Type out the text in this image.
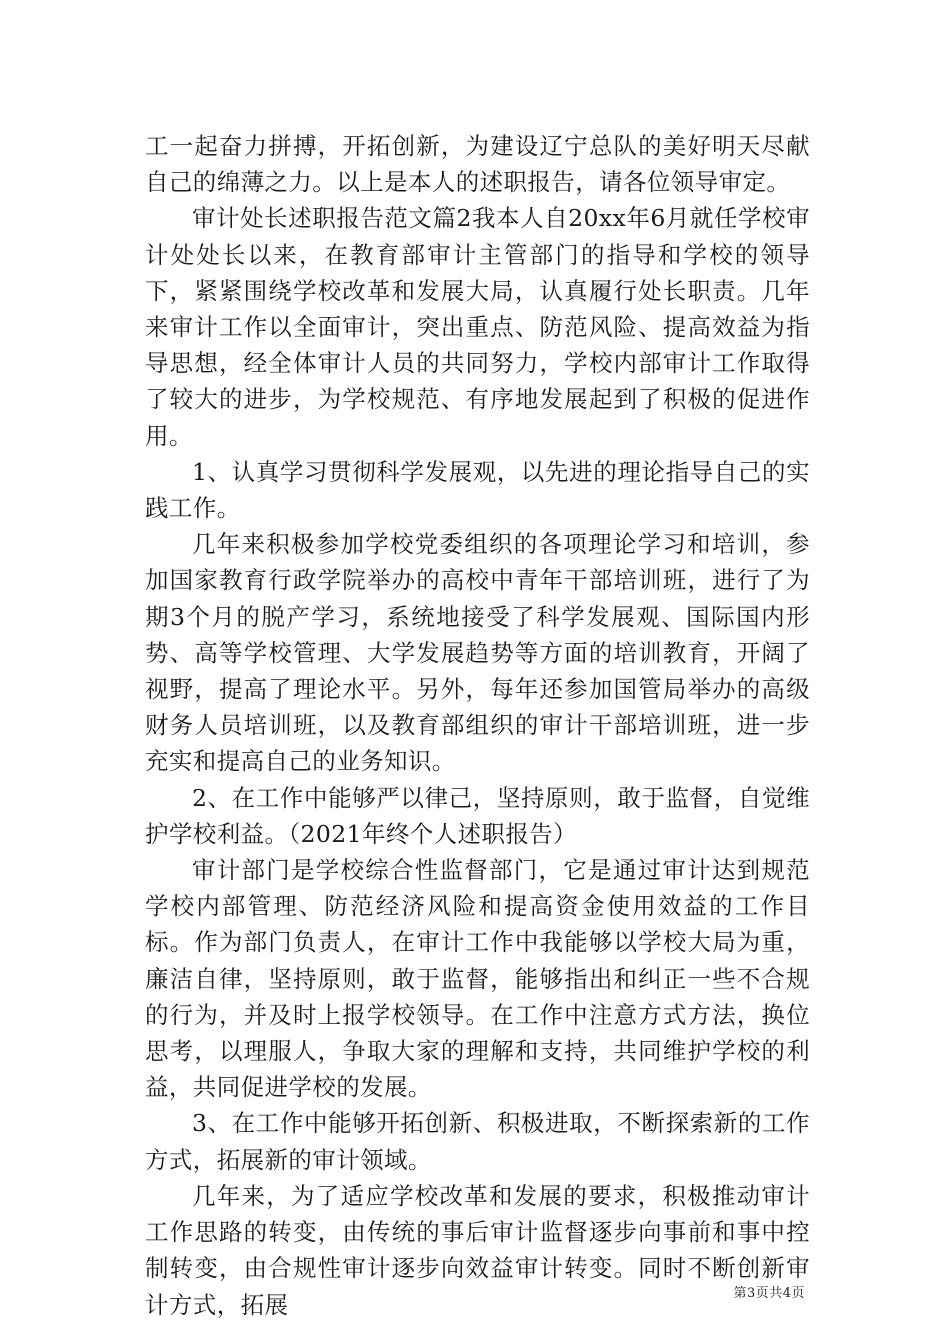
工一起奋力拼搏，开拓创新，为建设辽宁总队的美好明天尽献自己的绵薄之力。以上是本人的述职报告，请各位领导审定。

审计处长述职报告范文篇2我本人自20xx年6月就任学校审计处处长以来，在教育部审计主管部门的指导和学校的领导下，紧紧围绕学校改革和发展大局，认真履行处长职责。几年来审计工作以全面审计，突出重点、防范风险、提高效益为指导思想，经全体审计人员的共同努力，学校内部审计工作取得了较大的进步，为学校规范、有序地发展起到了积极的促进作用。

1、认真学习贯彻科学发展观，以先进的理论指导自己的实践工作。

几年来积极参加学校党委组织的各项理论学习和培训，参加国家教育行政学院举办的高校中青年干部培训班，进行了为期3个月的脱产学习，系统地接受了科学发展观、国际国内形势、高等学校管理、大学发展趋势等方面的培训教育，开阔了视野，提高了理论水平。另外，每年还参加国管局举办的高级财务人员培训班，以及教育部组织的审计干部培训班，进一步充实和提高自己的业务知识。

2、在工作中能够严以律己，坚持原则，敢于监督，自觉维护学校利益。（2021年终个人述职报告）

审计部门是学校综合性监督部门，它是通过审计达到规范学校内部管理、防范经济风险和提高资金使用效益的工作目标。作为部门负责人，在审计工作中我能够以学校大局为重，廉洁自律，坚持原则，敢于监督，能够指出和纠正一些不合规的行为，并及时上报学校领导。在工作中注意方式方法，换位思考，以理服人，争取大家的理解和支持，共同维护学校的利益，共同促进学校的发展。

3、在工作中能够开拓创新、积极进取，不断探索新的工作方式，拓展新的审计领域。

几年来，为了适应学校改革和发展的要求，积极推动审计工作思路的转变，由传统的事后审计监督逐步向事前和事中控制转变，由合规性审计逐步向效益审计转变。同时不断创新审计方式，拓展	第3页共4页
